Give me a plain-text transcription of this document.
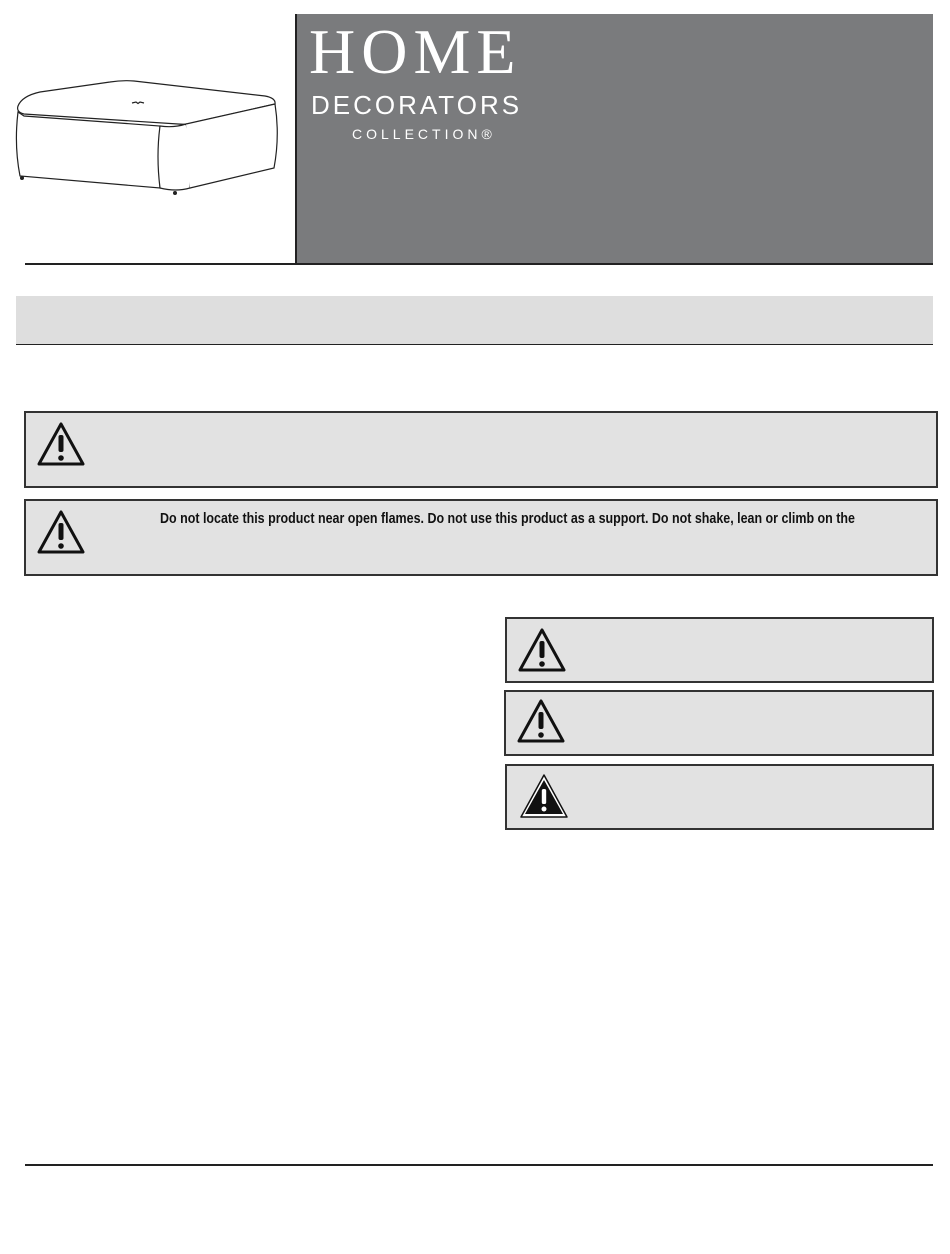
HOME
DECORATORS
COLLECTION®
Do not locate this product near open flames. Do not use this product as a support. Do not shake, lean or climb on the
